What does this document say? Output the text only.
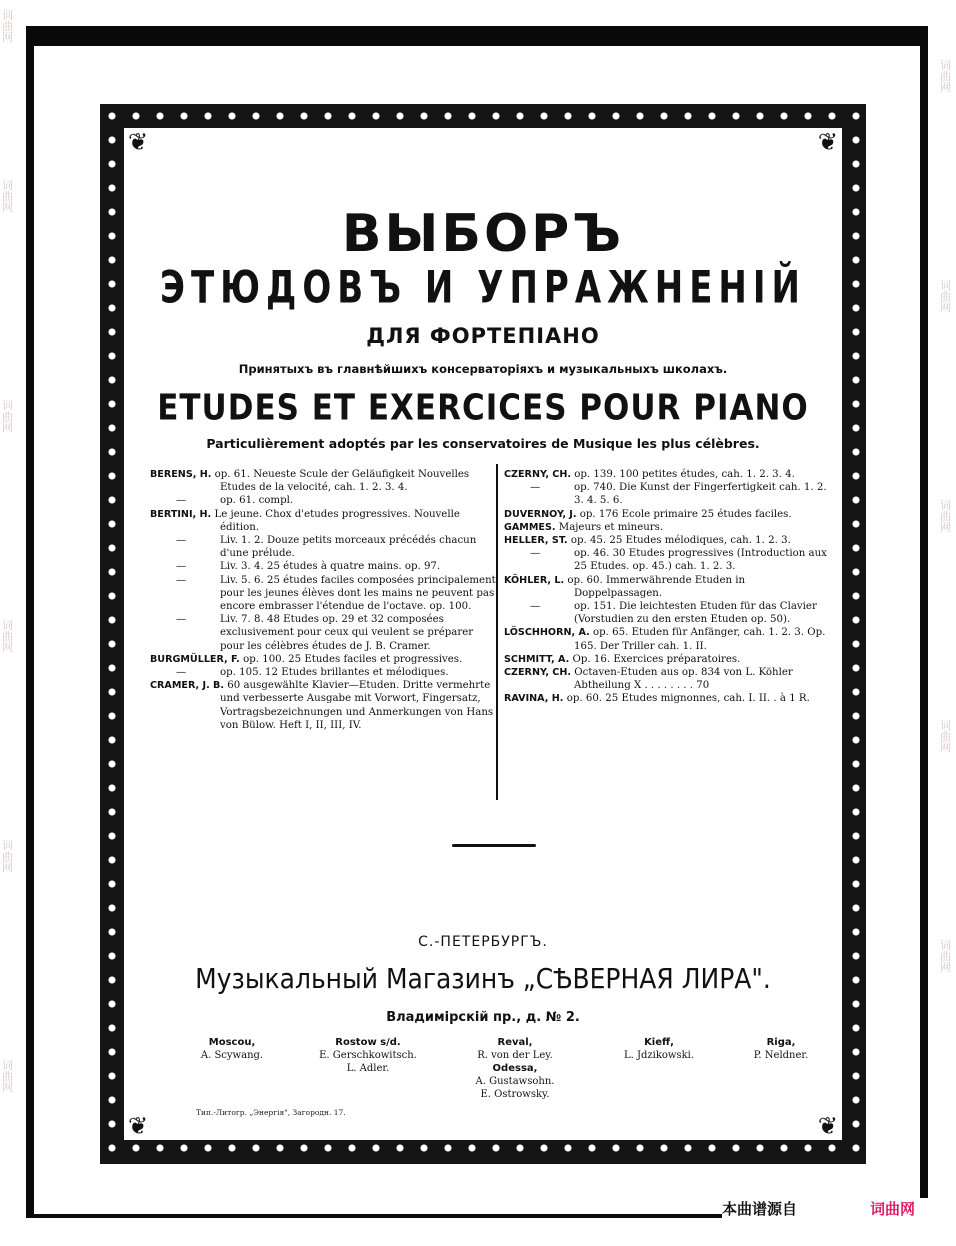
词曲网
词曲网
词曲网
词曲网
词曲网
词曲网
词曲网
词曲网
词曲网
词曲网
词曲网
❦	❦
❦	❦
ВЫБОРЪ
ЭТЮДОВЪ И УПРАЖНЕНІЙ
ДЛЯ ФОРТЕПІАНО
Принятыхъ въ главнѣйшихъ консерваторіяхъ и музыкальныхъ школахъ.
ETUDES ET EXERCICES POUR PIANO
Particulièrement adoptés par les conservatoires de Musique les plus célèbres.
BERENS, H. op. 61. Neueste Scule der Geläufigkeit Nouvelles Etudes de la velocité, cah. 1. 2. 3. 4.
—	op. 61. compl.
BERTINI, H. Le jeune. Chox d'etudes progressives. Nouvelle édition.
—	Liv. 1. 2. Douze petits morceaux précédés chacun d'une prélude.
—	Liv. 3. 4. 25 études à quatre mains. op. 97.
—	Liv. 5. 6. 25 études faciles composées principalement pour les jeunes élèves dont les mains ne peuvent pas encore embrasser l'étendue de l'octave. op. 100.
—	Liv. 7. 8. 48 Etudes op. 29 et 32 composées exclusivement pour ceux qui veulent se préparer pour les célèbres études de J. B. Cramer.
BURGMÜLLER, F. op. 100. 25 Etudes faciles et progressives.
—	op. 105. 12 Etudes brillantes et mélodiques.
CRAMER, J. B. 60 ausgewählte Klavier—Etuden. Dritte vermehrte und verbesserte Ausgabe mit Vorwort, Fingersatz, Vortragsbezeichnungen und Anmerkungen von Hans von Bülow. Heft I, II, III, IV.
CZERNY, CH. op. 139. 100 petites études, cah. 1. 2. 3. 4.
—	op. 740. Die Kunst der Fingerfertigkeit cah. 1. 2. 3. 4. 5. 6.
DUVERNOY, J. op. 176 Ecole primaire 25 études faciles.
GAMMES. Majeurs et mineurs.
HELLER, ST. op. 45. 25 Etudes mélodiques, cah. 1. 2. 3.
—	op. 46. 30 Etudes progressives (Introduction aux 25 Etudes. op. 45.) cah. 1. 2. 3.
KÖHLER, L. op. 60. Immerwährende Etuden in Doppelpassagen.
—	op. 151. Die leichtesten Etuden für das Clavier (Vorstudien zu den ersten Etuden op. 50).
LÖSCHHORN, A. op. 65. Etuden für Anfänger, cah. 1. 2. 3. Op. 165. Der Triller cah. 1. II.
SCHMITT, A. Op. 16. Exercices préparatoires.
CZERNY, CH. Octaven-Etuden aus op. 834 von L. Köhler Abtheilung X . . . . . . . . 70
RAVINA, H. op. 60. 25 Etudes mignonnes, cah. I. II. . à 1 R.
С.-ПЕТЕРБУРГЪ.
Музыкальный Магазинъ „СѢВЕРНАЯ ЛИРА".
Владимірскій пр., д. № 2.
Moscou,
A. Scywang.
Rostow s/d.
E. Gerschkowitsch.
L. Adler.
Reval,
R. von der Ley.
Odessa,
A. Gustawsohn.
E. Ostrowsky.
Kieff,
L. Jdzikowski.
Riga,
P. Neldner.
Тип.-Литогр. „Энергія", Загородн. 17.
本曲谱源自	词曲网
